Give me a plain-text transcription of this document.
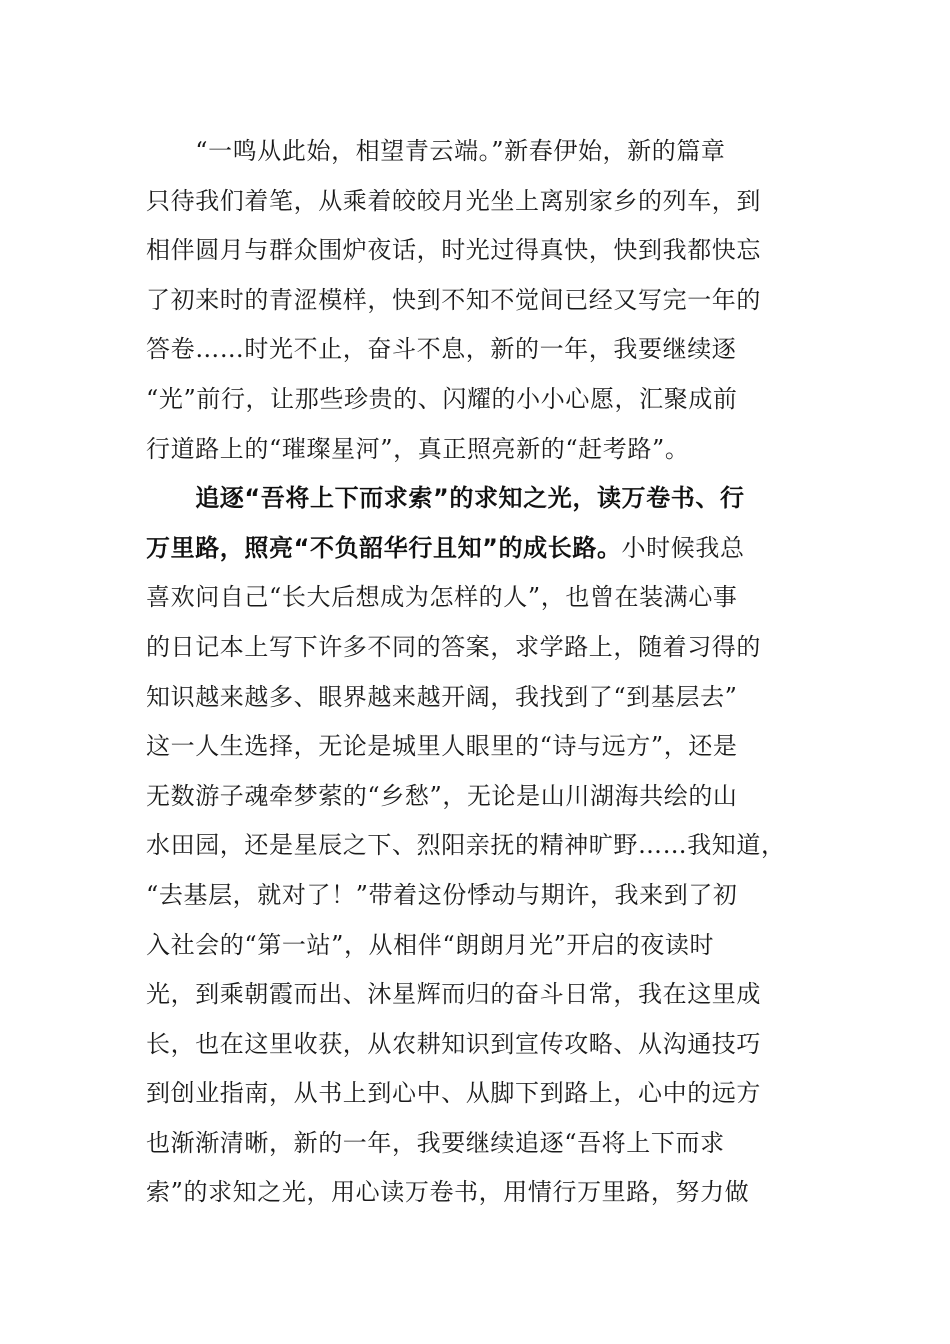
　　“一鸣从此始，相望青云端。”新春伊始，新的篇章
只待我们着笔，从乘着皎皎月光坐上离别家乡的列车，到
相伴圆月与群众围炉夜话，时光过得真快，快到我都快忘
了初来时的青涩模样，快到不知不觉间已经又写完一年的
答卷……时光不止，奋斗不息，新的一年，我要继续逐
“光”前行，让那些珍贵的、闪耀的小小心愿，汇聚成前
行道路上的“璀璨星河”，真正照亮新的“赶考路”。
　　追逐“吾将上下而求索”的求知之光，读万卷书、行
万里路，照亮“不负韶华行且知”的成长路。小时候我总
喜欢问自己“长大后想成为怎样的人”，也曾在装满心事
的日记本上写下许多不同的答案，求学路上，随着习得的
知识越来越多、眼界越来越开阔，我找到了“到基层去”
这一人生选择，无论是城里人眼里的“诗与远方”，还是
无数游子魂牵梦萦的“乡愁”，无论是山川湖海共绘的山
水田园，还是星辰之下、烈阳亲抚的精神旷野……我知道，
“去基层，就对了！”带着这份悸动与期许，我来到了初
入社会的“第一站”，从相伴“朗朗月光”开启的夜读时
光，到乘朝霞而出、沐星辉而归的奋斗日常，我在这里成
长，也在这里收获，从农耕知识到宣传攻略、从沟通技巧
到创业指南，从书上到心中、从脚下到路上，心中的远方
也渐渐清晰，新的一年，我要继续追逐“吾将上下而求
索”的求知之光，用心读万卷书，用情行万里路，努力做
